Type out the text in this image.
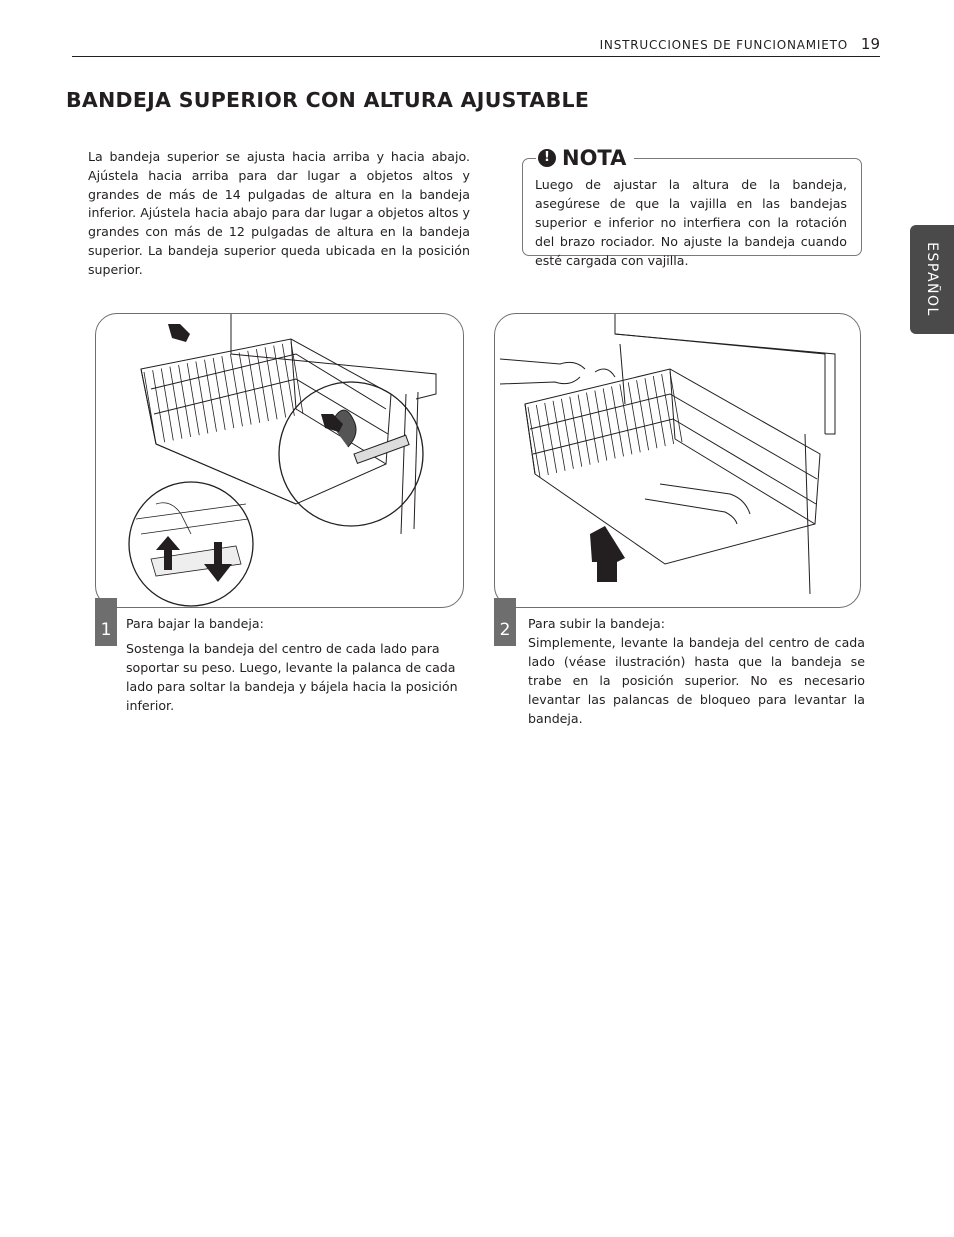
INSTRUCCIONES DE FUNCIONAMIETO 19
BANDEJA SUPERIOR CON ALTURA AJUSTABLE

La bandeja superior se ajusta hacia arriba y hacia abajo. Ajústela hacia arriba para dar lugar a objetos altos y grandes de más de 14 pulgadas de altura en la bandeja inferior. Ajústela hacia abajo para dar lugar a objetos altos y grandes con más de 12 pulgadas de altura en la bandeja superior. La bandeja superior queda ubicada en la posición superior.

! NOTA

Luego de ajustar la altura de la bandeja, asegúrese de que la vajilla en las bandejas superior e inferior no interfiera con la rotación del brazo rociador. No ajuste la bandeja cuando esté cargada con vajilla.	ESPAÑOL
1	2

Para bajar la bandeja:

Sostenga la bandeja del centro de cada lado para soportar su peso. Luego, levante la palanca de cada lado para soltar la bandeja y bájela hacia la posición inferior.

Para subir la bandeja:

Simplemente, levante la bandeja del centro de cada lado (véase ilustración) hasta que la bandeja se trabe en la posición superior. No es necesario levantar las palancas de bloqueo para levantar la bandeja.
